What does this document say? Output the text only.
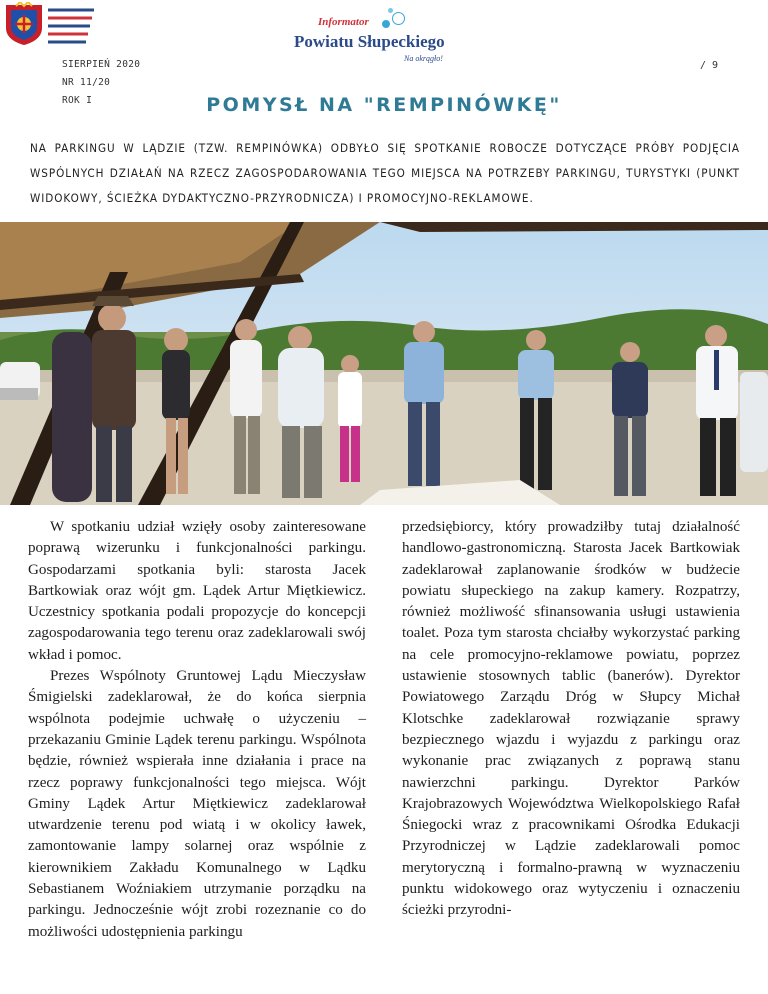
Informator
Powiatu Słupeckiego
Na okrągło!
SIERPIEŃ 2020
NR 11/20
ROK I
/ 9
POMYSŁ NA "REMPINÓWKĘ"
NA PARKINGU W LĄDZIE (TZW. REMPINÓWKA) ODBYŁO SIĘ SPOTKANIE ROBOCZE DOTYCZĄCE PRÓBY PODJĘCIA WSPÓLNYCH DZIAŁAŃ NA RZECZ ZAGOSPODAROWANIA TEGO MIEJSCA NA POTRZEBY PARKINGU, TURYSTYKI (PUNKT WIDOKOWY, ŚCIEŻKA DYDAKTYCZNO-PRZYRODNICZA) I PROMOCYJNO-REKLAMOWE.

W spotkaniu udział wzięły osoby zainteresowane poprawą wizerunku i funkcjonalności parkingu. Gospodarzami spotkania byli: starosta Jacek Bartkowiak oraz wójt gm. Lądek Artur Miętkiewicz. Uczestnicy spotkania podali propozycje do koncepcji zagospodarowania tego terenu oraz zadeklarowali swój wkład i pomoc.

Prezes Wspólnoty Gruntowej Lądu Mieczysław Śmigielski zadeklarował, że do końca sierpnia wspólnota podejmie uchwałę o użyczeniu – przekazaniu Gminie Lądek terenu parkingu. Wspólnota będzie, również wspierała inne działania i prace na rzecz poprawy funkcjonalności tego miejsca. Wójt Gminy Lądek Artur Miętkiewicz zadeklarował utwardzenie terenu pod wiatą i w okolicy ławek, zamontowanie lampy solarnej oraz wspólnie z kierownikiem Zakładu Komunalnego w Lądku Sebastianem Woźniakiem utrzymanie porządku na parkingu. Jednocześnie wójt zrobi rozeznanie co do możliwości udostępnienia parkingu

przedsiębiorcy, który prowadziłby tutaj działalność handlowo-gastronomiczną. Starosta Jacek Bartkowiak zadeklarował zaplanowanie środków w budżecie powiatu słupeckiego na zakup kamery. Rozpatrzy, również możliwość sfinansowania usługi ustawienia toalet. Poza tym starosta chciałby wykorzystać parking na cele promocyjno-reklamowe powiatu, poprzez ustawienie stosownych tablic (banerów). Dyrektor Powiatowego Zarządu Dróg w Słupcy Michał Klotschke zadeklarował rozwiązanie sprawy bezpiecznego wjazdu i wyjazdu z parkingu oraz wykonanie prac związanych z poprawą stanu nawierzchni parkingu. Dyrektor Parków Krajobrazowych Województwa Wielkopolskiego Rafał Śniegocki wraz z pracownikami Ośrodka Edukacji Przyrodniczej w Lądzie zadeklarowali pomoc merytoryczną i formalno-prawną w wyznaczeniu punktu widokowego oraz wytyczeniu i oznaczeniu ścieżki przyrodni-
